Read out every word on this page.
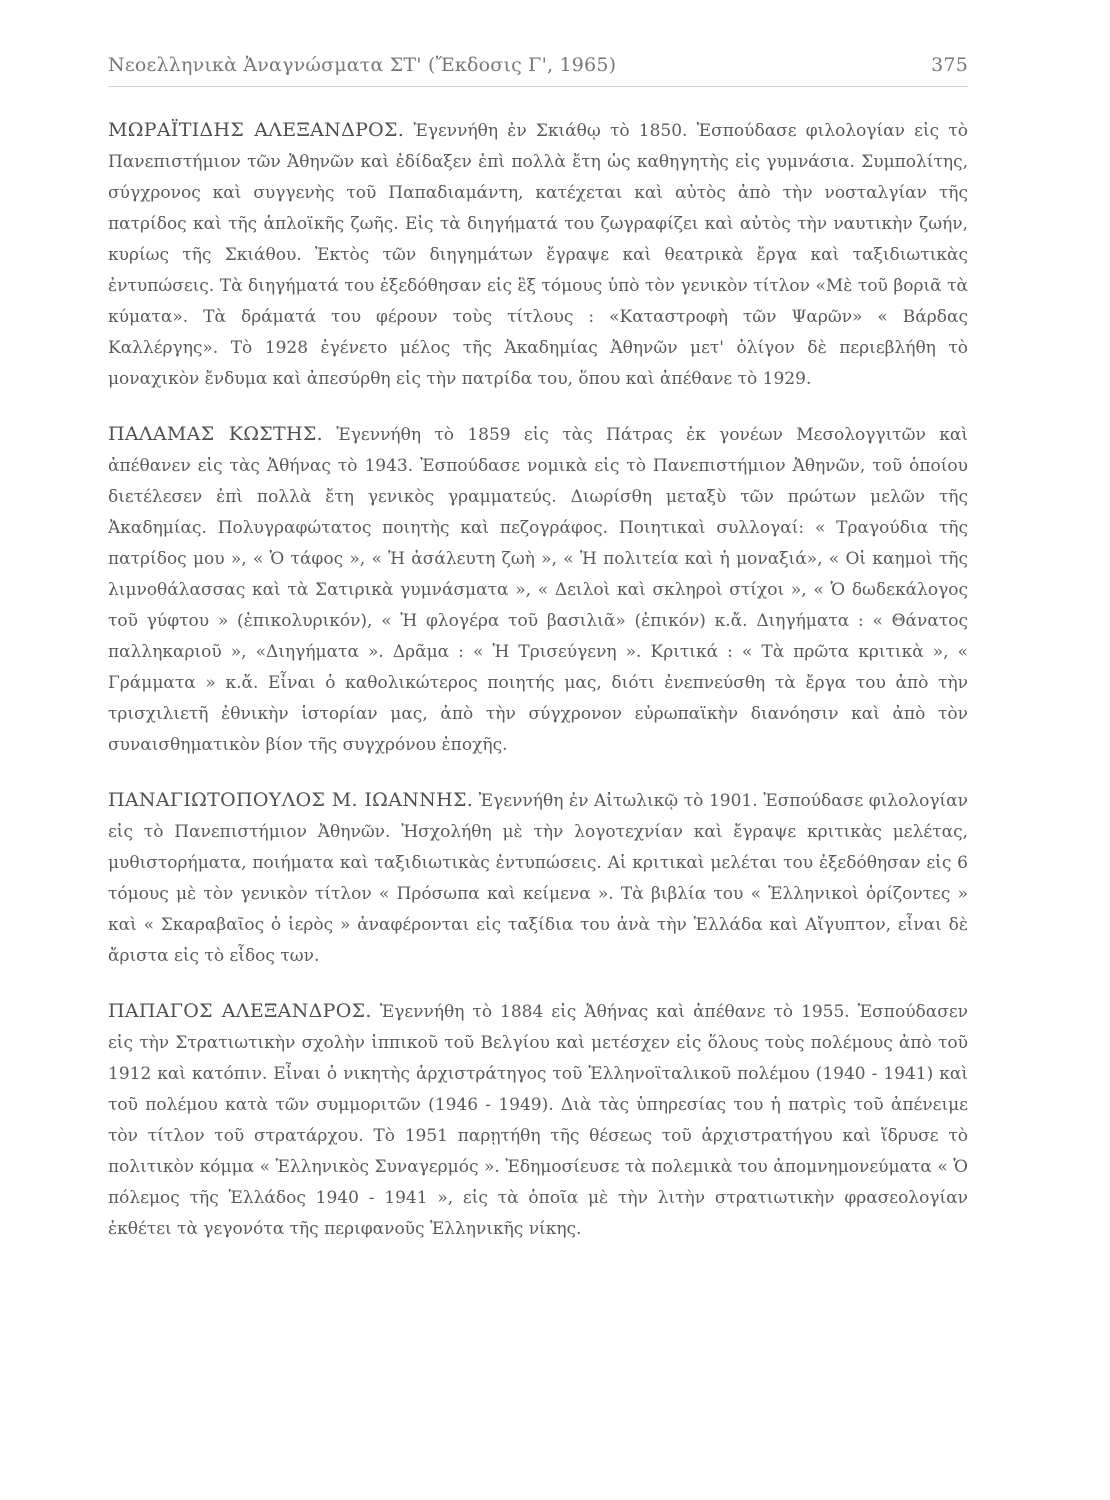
Νεοελληνικὰ Ἀναγνώσματα ΣΤ' (Ἔκδοσις Γ', 1965)	375

ΜΩΡΑΪΤΙΔΗΣ ΑΛΕΞΑΝΔΡΟΣ. Ἐγεννήθη ἐν Σκιάθῳ τὸ 1850. Ἐσπούδασε φιλολογίαν εἰς τὸ Πανεπιστήμιον τῶν Ἀθηνῶν καὶ ἐδίδαξεν ἐπὶ πολλὰ ἔτη ὡς καθηγητὴς εἰς γυμνάσια. Συμπολίτης, σύγχρονος καὶ συγγενὴς τοῦ Παπαδιαμάντη, κατέχεται καὶ αὐτὸς ἀπὸ τὴν νοσταλγίαν τῆς πατρίδος καὶ τῆς ἁπλοϊκῆς ζωῆς. Εἰς τὰ διηγήματά του ζωγραφίζει καὶ αὐτὸς τὴν ναυτικὴν ζωήν, κυρίως τῆς Σκιάθου. Ἐκτὸς τῶν διηγημάτων ἔγραψε καὶ θεατρικὰ ἔργα καὶ ταξιδιωτικὰς ἐντυπώσεις. Τὰ διηγήματά του ἐξεδόθησαν εἰς ἓξ τόμους ὑπὸ τὸν γενικὸν τίτλον «Μὲ τοῦ βοριᾶ τὰ κύματα». Τὰ δράματά του φέρουν τοὺς τίτλους : «Καταστροφὴ τῶν Ψαρῶν» « Βάρδας Καλλέργης». Τὸ 1928 ἐγένετο μέλος τῆς Ἀκαδημίας Ἀθηνῶν μετ' ὀλίγον δὲ περιεβλήθη τὸ μοναχικὸν ἔνδυμα καὶ ἀπεσύρθη εἰς τὴν πατρίδα του, ὅπου καὶ ἀπέθανε τὸ 1929.

ΠΑΛΑΜΑΣ ΚΩΣΤΗΣ. Ἐγεννήθη τὸ 1859 εἰς τὰς Πάτρας ἐκ γονέων Μεσολογγιτῶν καὶ ἀπέθανεν εἰς τὰς Ἀθήνας τὸ 1943. Ἐσπούδασε νομικὰ εἰς τὸ Πανεπιστήμιον Ἀθηνῶν, τοῦ ὁποίου διετέλεσεν ἐπὶ πολλὰ ἔτη γενικὸς γραμματεύς. Διωρίσθη μεταξὺ τῶν πρώτων μελῶν τῆς Ἀκαδημίας. Πολυγραφώτατος ποιητὴς καὶ πεζογράφος. Ποιητικαὶ συλλογαί: « Τραγούδια τῆς πατρίδος μου », « Ὁ τάφος », « Ἡ ἀσάλευτη ζωὴ », « Ἡ πολιτεία καὶ ἡ μοναξιά», « Οἱ καημοὶ τῆς λιμνοθάλασσας καὶ τὰ Σατιρικὰ γυμνάσματα », « Δειλοὶ καὶ σκληροὶ στίχοι », « Ὁ δωδεκάλογος τοῦ γύφτου » (ἐπικολυρικόν), « Ἡ φλογέρα τοῦ βασιλιᾶ» (ἐπικόν) κ.ἄ. Διηγήματα : « Θάνατος παλληκαριοῦ », «Διηγήματα ». Δρᾶμα : « Ἡ Τρισεύγενη ». Κριτικά : « Τὰ πρῶτα κριτικὰ », « Γράμματα » κ.ἄ. Εἶναι ὁ καθολικώτερος ποιητής μας, διότι ἐνεπνεύσθη τὰ ἔργα του ἀπὸ τὴν τρισχιλιετῆ ἐθνικὴν ἱστορίαν μας, ἀπὸ τὴν σύγχρονον εὐρωπαϊκὴν διανόησιν καὶ ἀπὸ τὸν συναισθηματικὸν βίον τῆς συγχρόνου ἐποχῆς.

ΠΑΝΑΓΙΩΤΟΠΟΥΛΟΣ Μ. ΙΩΑΝΝΗΣ. Ἐγεννήθη ἐν Αἰτωλικῷ τὸ 1901. Ἐσπούδασε φιλολογίαν εἰς τὸ Πανεπιστήμιον Ἀθηνῶν. Ἠσχολήθη μὲ τὴν λογοτεχνίαν καὶ ἔγραψε κριτικὰς μελέτας, μυθιστορήματα, ποιήματα καὶ ταξιδιωτικὰς ἐντυπώσεις. Αἱ κριτικαὶ μελέται του ἐξεδόθησαν εἰς 6 τόμους μὲ τὸν γενικὸν τίτλον « Πρόσωπα καὶ κείμενα ». Τὰ βιβλία του « Ἑλληνικοὶ ὁρίζοντες » καὶ « Σκαραβαῖος ὁ ἱερὸς » ἀναφέρονται εἰς ταξίδια του ἀνὰ τὴν Ἑλλάδα καὶ Αἴγυπτον, εἶναι δὲ ἄριστα εἰς τὸ εἶδος των.

ΠΑΠΑΓΟΣ ΑΛΕΞΑΝΔΡΟΣ. Ἐγεννήθη τὸ 1884 εἰς Ἀθήνας καὶ ἀπέθανε τὸ 1955. Ἐσπούδασεν εἰς τὴν Στρατιωτικὴν σχολὴν ἱππικοῦ τοῦ Βελγίου καὶ μετέσχεν εἰς ὅλους τοὺς πολέμους ἀπὸ τοῦ 1912 καὶ κατόπιν. Εἶναι ὁ νικητὴς ἀρχιστράτηγος τοῦ Ἑλληνοϊταλικοῦ πολέμου (1940 - 1941) καὶ τοῦ πολέμου κατὰ τῶν συμμοριτῶν (1946 - 1949). Διὰ τὰς ὑπηρεσίας του ἡ πατρὶς τοῦ ἀπένειμε τὸν τίτλον τοῦ στρατάρχου. Τὸ 1951 παρῃτήθη τῆς θέσεως τοῦ ἀρχιστρατήγου καὶ ἵδρυσε τὸ πολιτικὸν κόμμα « Ἑλληνικὸς Συναγερμός ». Ἐδημοσίευσε τὰ πολεμικὰ του ἀπομνημονεύματα « Ὁ πόλεμος τῆς Ἑλλάδος 1940 - 1941 », εἰς τὰ ὁποῖα μὲ τὴν λιτὴν στρατιωτικὴν φρασεολογίαν ἐκθέτει τὰ γεγονότα τῆς περιφανοῦς Ἑλληνικῆς νίκης.
